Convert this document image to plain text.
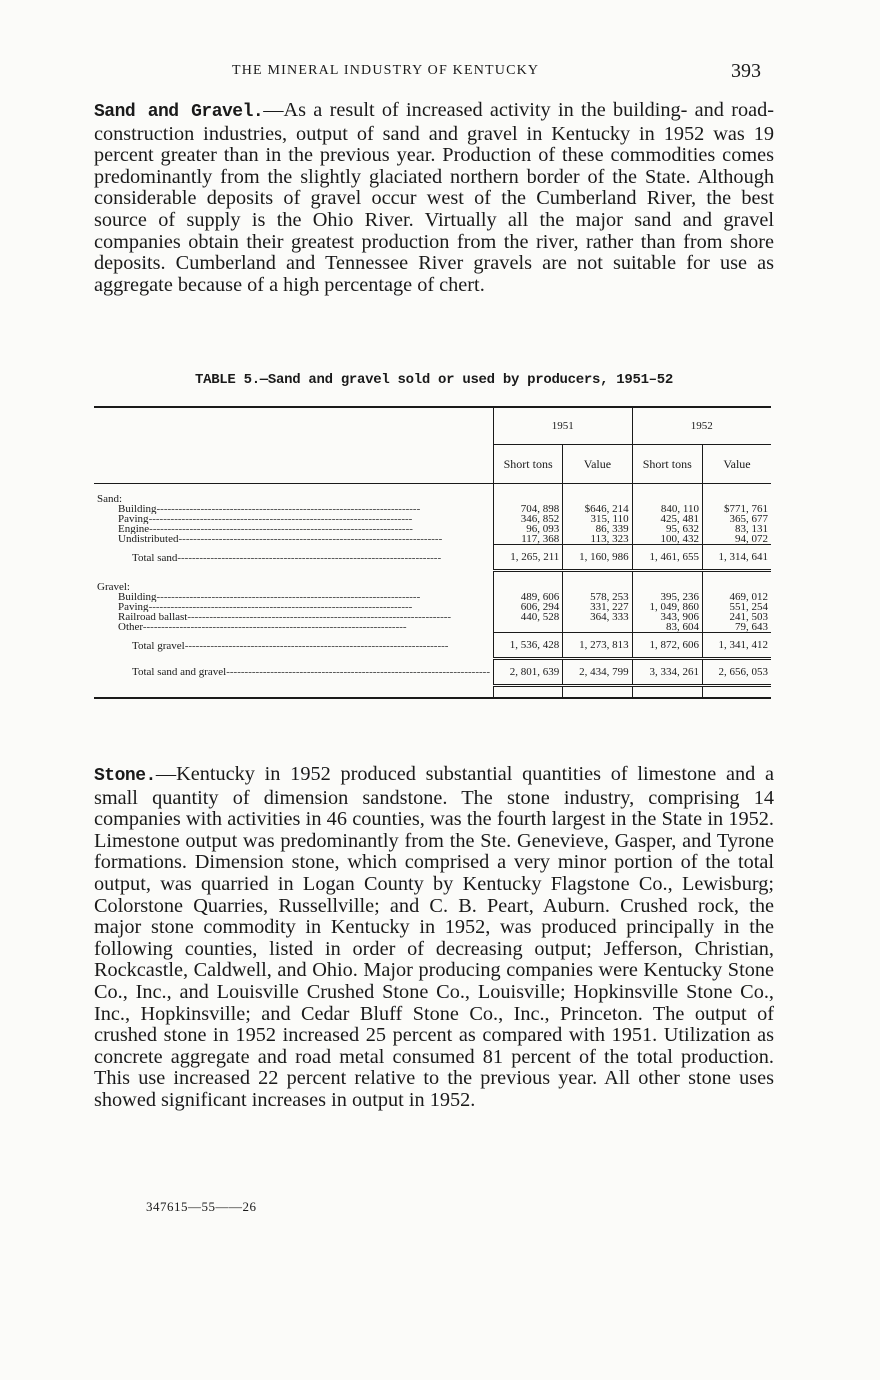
THE MINERAL INDUSTRY OF KENTUCKY	393

Sand and Gravel.—As a result of increased activity in the building- and road-construction industries, output of sand and gravel in Kentucky in 1952 was 19 percent greater than in the previous year. Production of these commodities comes predominantly from the slightly glaciated northern border of the State. Although considerable deposits of gravel occur west of the Cumberland River, the best source of supply is the Ohio River. Virtually all the major sand and gravel companies obtain their greatest production from the river, rather than from shore deposits. Cumberland and Tennessee River gravels are not suitable for use as aggregate because of a high percentage of chert.

TABLE 5.—Sand and gravel sold or used by producers, 1951–52
	1951		1952	
	Short tons	Value	Short tons	Value

Sand:				
Building------------------------------------------------------------------------	704, 898	$646, 214	840, 110	$771, 761
Paving------------------------------------------------------------------------	346, 852	315, 110	425, 481	365, 677
Engine------------------------------------------------------------------------	96, 093	86, 339	95, 632	83, 131
Undistributed------------------------------------------------------------------------	117, 368	113, 323	100, 432	94, 072
Total sand------------------------------------------------------------------------	1, 265, 211	1, 160, 986	1, 461, 655	1, 314, 641

Gravel:				
Building------------------------------------------------------------------------	489, 606	578, 253	395, 236	469, 012
Paving------------------------------------------------------------------------	606, 294	331, 227	1, 049, 860	551, 254
Railroad ballast------------------------------------------------------------------------	440, 528	364, 333	343, 906	241, 503
Other------------------------------------------------------------------------			83, 604	79, 643
Total gravel------------------------------------------------------------------------	1, 536, 428	1, 273, 813	1, 872, 606	1, 341, 412
Total sand and gravel------------------------------------------------------------------------	2, 801, 639	2, 434, 799	3, 334, 261	2, 656, 053

Stone.—Kentucky in 1952 produced substantial quantities of limestone and a small quantity of dimension sandstone. The stone industry, comprising 14 companies with activities in 46 counties, was the fourth largest in the State in 1952. Limestone output was predominantly from the Ste. Genevieve, Gasper, and Tyrone formations. Dimension stone, which comprised a very minor portion of the total output, was quarried in Logan County by Kentucky Flagstone Co., Lewisburg; Colorstone Quarries, Russellville; and C. B. Peart, Auburn. Crushed rock, the major stone commodity in Kentucky in 1952, was produced principally in the following counties, listed in order of decreasing output; Jefferson, Christian, Rockcastle, Caldwell, and Ohio. Major producing companies were Kentucky Stone Co., Inc., and Louisville Crushed Stone Co., Louisville; Hopkinsville Stone Co., Inc., Hopkinsville; and Cedar Bluff Stone Co., Inc., Princeton. The output of crushed stone in 1952 increased 25 percent as compared with 1951. Utilization as concrete aggregate and road metal consumed 81 percent of the total production. This use increased 22 percent relative to the previous year. All other stone uses showed significant increases in output in 1952.

347615—55——26
